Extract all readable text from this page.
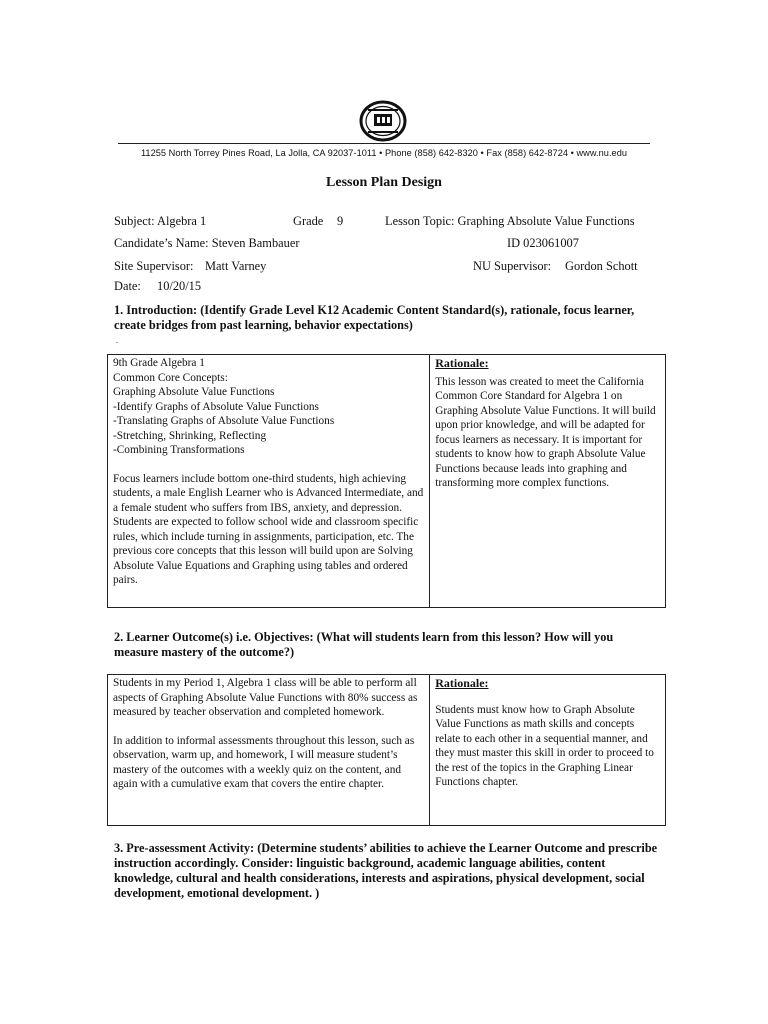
11255 North Torrey Pines Road, La Jolla, CA 92037-1011 • Phone (858) 642-8320 • Fax (858) 642-8724 • www.nu.edu
Lesson Plan Design
Subject: Algebra 1	Grade 9	Lesson Topic: Graphing Absolute Value Functions
Candidate’s Name: Steven Bambauer	ID 023061007
Site Supervisor: Matt Varney	NU Supervisor: Gordon Schott
Date: 10/20/15
1. Introduction: (Identify Grade Level K12 Academic Content Standard(s), rationale, focus learner, create bridges from past learning, behavior expectations)
.
9th Grade Algebra 1
Common Core Concepts:
Graphing Absolute Value Functions
-Identify Graphs of Absolute Value Functions
-Translating Graphs of Absolute Value Functions
-Stretching, Shrinking, Reflecting
-Combining Transformations
Focus learners include bottom one-third students, high achieving students, a male English Learner who is Advanced Intermediate, and a female student who suffers from IBS, anxiety, and depression. Students are expected to follow school wide and classroom specific rules, which include turning in assignments, participation, etc. The previous core concepts that this lesson will build upon are Solving Absolute Value Equations and Graphing using tables and ordered pairs.

Rationale:
This lesson was created to meet the California Common Core Standard for Algebra 1 on Graphing Absolute Value Functions. It will build upon prior knowledge, and will be adapted for focus learners as necessary. It is important for students to know how to graph Absolute Value Functions because leads into graphing and transforming more complex functions.
2. Learner Outcome(s) i.e. Objectives: (What will students learn from this lesson? How will you measure mastery of the outcome?)
Students in my Period 1, Algebra 1 class will be able to perform all aspects of Graphing Absolute Value Functions with 80% success as measured by teacher observation and completed homework.
In addition to informal assessments throughout this lesson, such as observation, warm up, and homework, I will measure student’s mastery of the outcomes with a weekly quiz on the content, and again with a cumulative exam that covers the entire chapter.

Rationale:
Students must know how to Graph Absolute Value Functions as math skills and concepts relate to each other in a sequential manner, and they must master this skill in order to proceed to the rest of the topics in the Graphing Linear Functions chapter.
3. Pre-assessment Activity: (Determine students’ abilities to achieve the Learner Outcome and prescribe instruction accordingly. Consider: linguistic background, academic language abilities, content knowledge, cultural and health considerations, interests and aspirations, physical development, social development, emotional development. )
